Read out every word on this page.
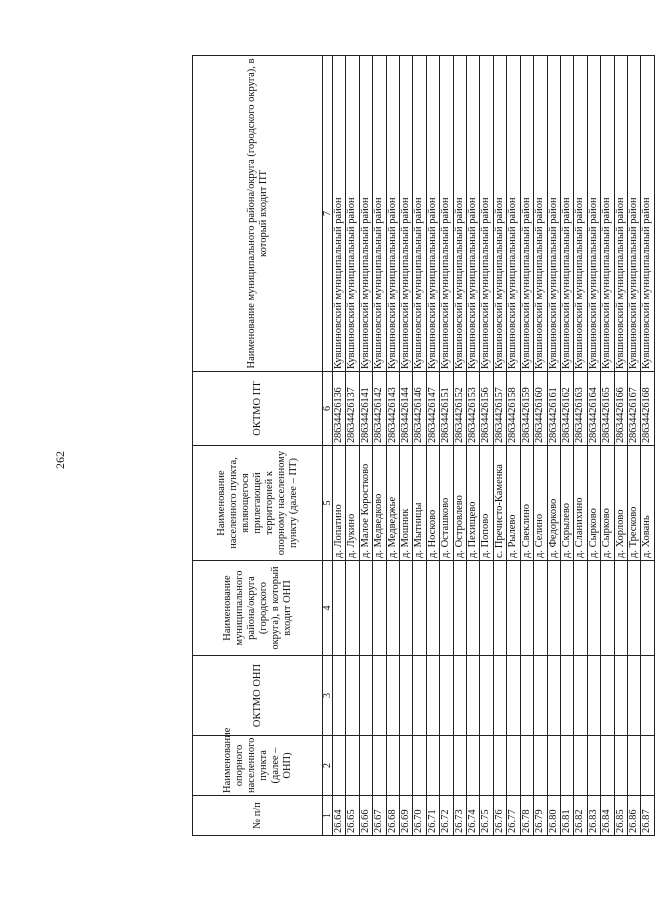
262
№ п/п	Наименование опорного населенного пункта (далее – ОНП)	ОКТМО ОНП	Наименование муниципального района/округа (городского округа), в который входит ОНП	Наименование населенного пункта, являющегося прилегающей территорией к опорному населенному пункту (далее – ПТ)	ОКТМО ПТ	Наименование муниципального района/округа (городского округа), в который входит ПТ
1	2	3	4	5	6	7
26.64				д. Лопатино	28634426136	Кувшиновский муниципальный район
26.65				д. Лукино	28634426137	Кувшиновский муниципальный район
26.66				д. Малое Коростково	28634426141	Кувшиновский муниципальный район
26.67				д. Медведково	28634426142	Кувшиновский муниципальный район
26.68				д. Медведжье	28634426143	Кувшиновский муниципальный район
26.69				д. Мошник	28634426144	Кувшиновский муниципальный район
26.70				д. Мытницы	28634426146	Кувшиновский муниципальный район
26.71				д. Носково	28634426147	Кувшиновский муниципальный район
26.72				д. Осташково	28634426151	Кувшиновский муниципальный район
26.73				д. Островлево	28634426152	Кувшиновский муниципальный район
26.74				д. Пехищево	28634426153	Кувшиновский муниципальный район
26.75				д. Попово	28634426156	Кувшиновский муниципальный район
26.76				с. Пречисто-Каменка	28634426157	Кувшиновский муниципальный район
26.77				д. Рылево	28634426158	Кувшиновский муниципальный район
26.78				д. Свеклино	28634426159	Кувшиновский муниципальный район
26.79				д. Селино	28634426160	Кувшиновский муниципальный район
26.80				д. Федорково	28634426161	Кувшиновский муниципальный район
26.81				д. Скрылево	28634426162	Кувшиновский муниципальный район
26.82				д. Сланихино	28634426163	Кувшиновский муниципальный район
26.83				д. Сырково	28634426164	Кувшиновский муниципальный район
26.84				д. Сырково	28634426165	Кувшиновский муниципальный район
26.85				д. Хорлово	28634426166	Кувшиновский муниципальный район
26.86				д. Тресково	28634426167	Кувшиновский муниципальный район
26.87				д. Ховань	28634426168	Кувшиновский муниципальный район
